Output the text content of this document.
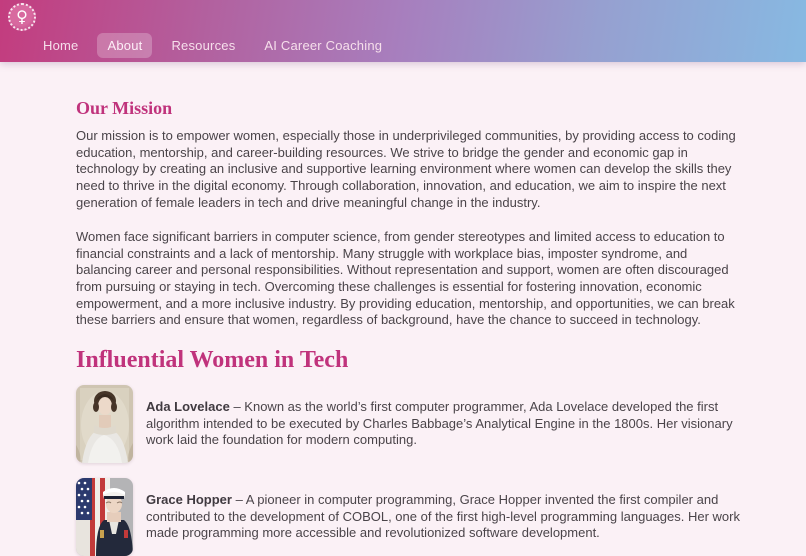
♀
Home	About	Resources	AI Career Coaching
Our Mission

Our mission is to empower women, especially those in underprivileged communities, by providing access to coding education, mentorship, and career-building resources. We strive to bridge the gender and economic gap in technology by creating an inclusive and supportive learning environment where women can develop the skills they need to thrive in the digital economy. Through collaboration, innovation, and education, we aim to inspire the next generation of female leaders in tech and drive meaningful change in the industry.

Women face significant barriers in computer science, from gender stereotypes and limited access to education to financial constraints and a lack of mentorship. Many struggle with workplace bias, imposter syndrome, and balancing career and personal responsibilities. Without representation and support, women are often discouraged from pursuing or staying in tech. Overcoming these challenges is essential for fostering innovation, economic empowerment, and a more inclusive industry. By providing education, mentorship, and opportunities, we can break these barriers and ensure that women, regardless of background, have the chance to succeed in technology.

Influential Women in Tech
Ada Lovelace – Known as the world’s first computer programmer, Ada Lovelace developed the first algorithm intended to be executed by Charles Babbage’s Analytical Engine in the 1800s. Her visionary work laid the foundation for modern computing.
Grace Hopper – A pioneer in computer programming, Grace Hopper invented the first compiler and contributed to the development of COBOL, one of the first high-level programming languages. Her work made programming more accessible and revolutionized software development.
